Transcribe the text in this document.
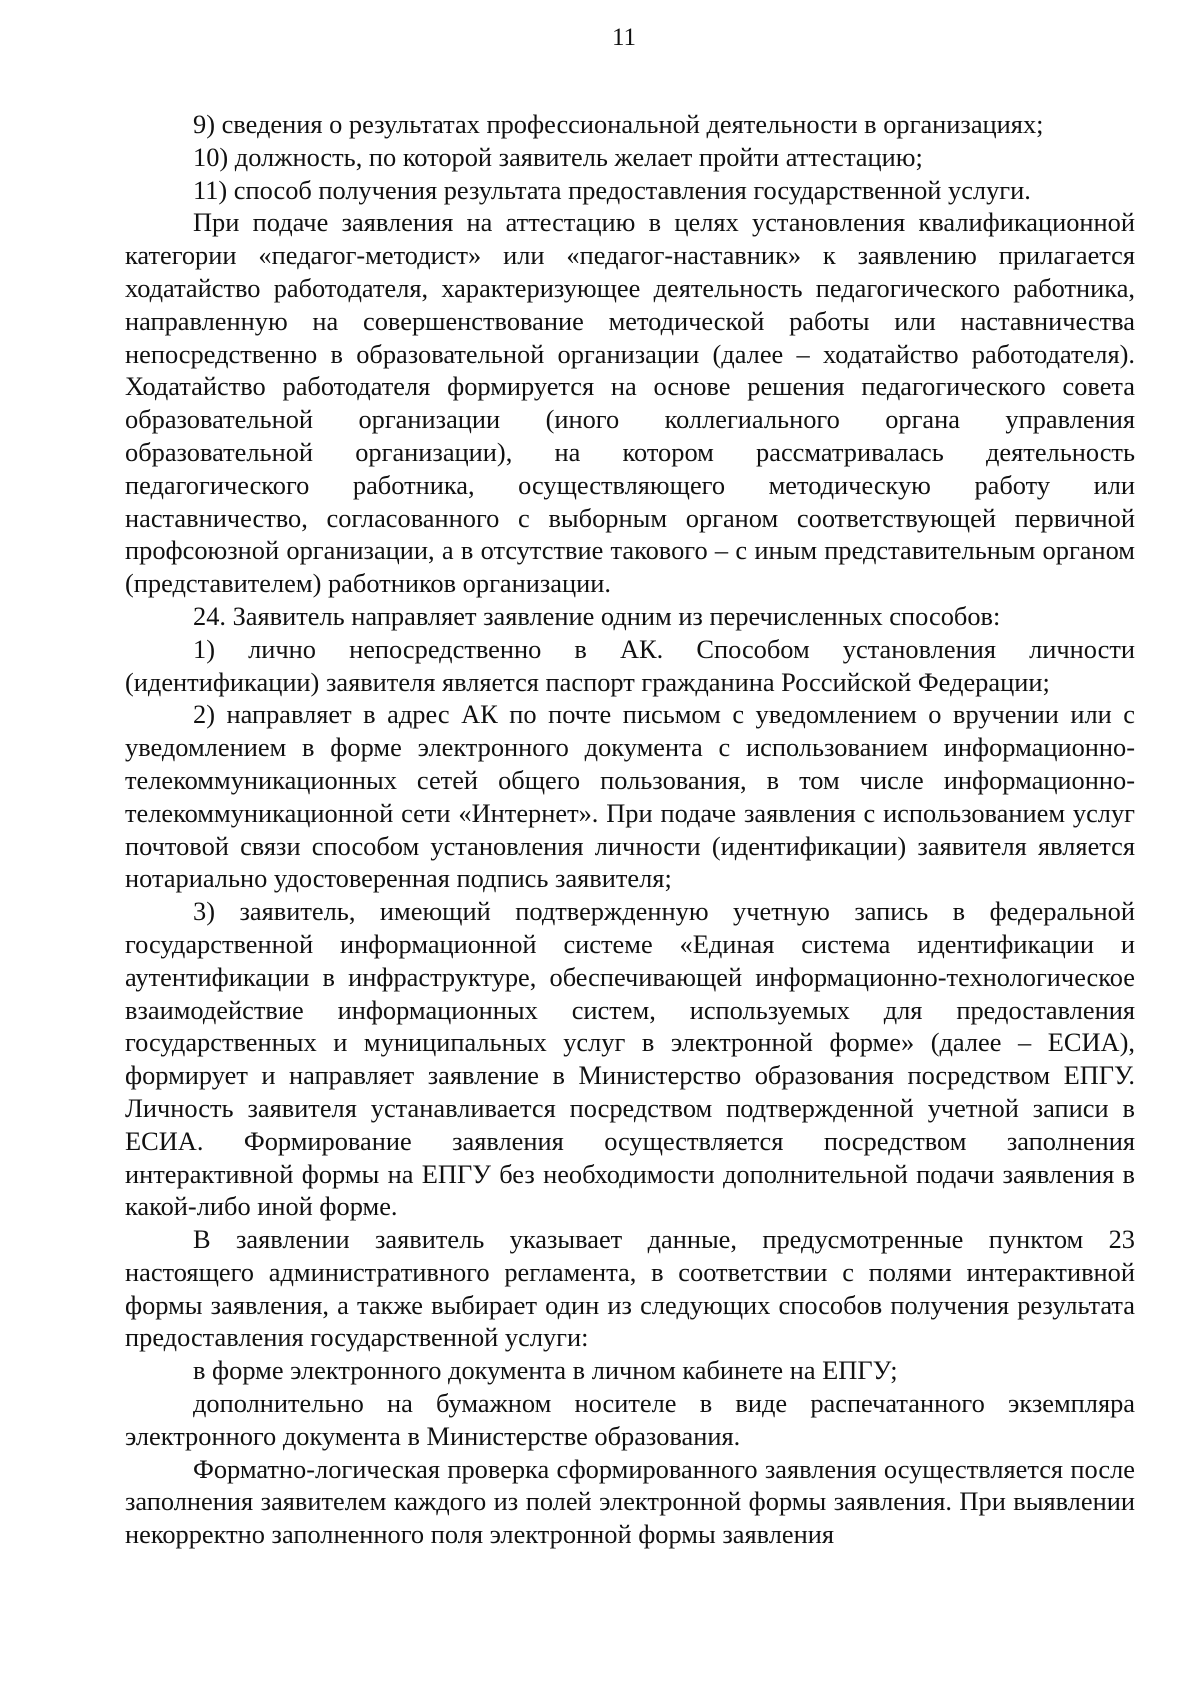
11

9) сведения о результатах профессиональной деятельности в организациях;

10) должность, по которой заявитель желает пройти аттестацию;

11) способ получения результата предоставления государственной услуги.

При подаче заявления на аттестацию в целях установления квалификационной категории «педагог-методист» или «педагог-наставник» к заявлению прилагается ходатайство работодателя, характеризующее деятельность педагогического работника, направленную на совершенствование методической работы или наставничества непосредственно в образовательной организации (далее – ходатайство работодателя). Ходатайство работодателя формируется на основе решения педагогического совета образовательной организации (иного коллегиального органа управления образовательной организации), на котором рассматривалась деятельность педагогического работника, осуществляющего методическую работу или наставничество, согласованного с выборным органом соответствующей первичной профсоюзной организации, а в отсутствие такового – с иным представительным органом (представителем) работников организации.

24. Заявитель направляет заявление одним из перечисленных способов:

1) лично непосредственно в АК. Способом установления личности (идентификации) заявителя является паспорт гражданина Российской Федерации;

2) направляет в адрес АК по почте письмом с уведомлением о вручении или с уведомлением в форме электронного документа с использованием информационно-телекоммуникационных сетей общего пользования, в том числе информационно-телекоммуникационной сети «Интернет». При подаче заявления с использованием услуг почтовой связи способом установления личности (идентификации) заявителя является нотариально удостоверенная подпись заявителя;

3) заявитель, имеющий подтвержденную учетную запись в федеральной государственной информационной системе «Единая система идентификации и аутентификации в инфраструктуре, обеспечивающей информационно-технологическое взаимодействие информационных систем, используемых для предоставления государственных и муниципальных услуг в электронной форме» (далее – ЕСИА), формирует и направляет заявление в Министерство образования посредством ЕПГУ. Личность заявителя устанавливается посредством подтвержденной учетной записи в ЕСИА. Формирование заявления осуществляется посредством заполнения интерактивной формы на ЕПГУ без необходимости дополнительной подачи заявления в какой-либо иной форме.

В заявлении заявитель указывает данные, предусмотренные пунктом 23 настоящего административного регламента, в соответствии с полями интерактивной формы заявления, а также выбирает один из следующих способов получения результата предоставления государственной услуги:

в форме электронного документа в личном кабинете на ЕПГУ;

дополнительно на бумажном носителе в виде распечатанного экземпляра электронного документа в Министерстве образования.

Форматно-логическая проверка сформированного заявления осуществляется после заполнения заявителем каждого из полей электронной формы заявления. При выявлении некорректно заполненного поля электронной формы заявления
